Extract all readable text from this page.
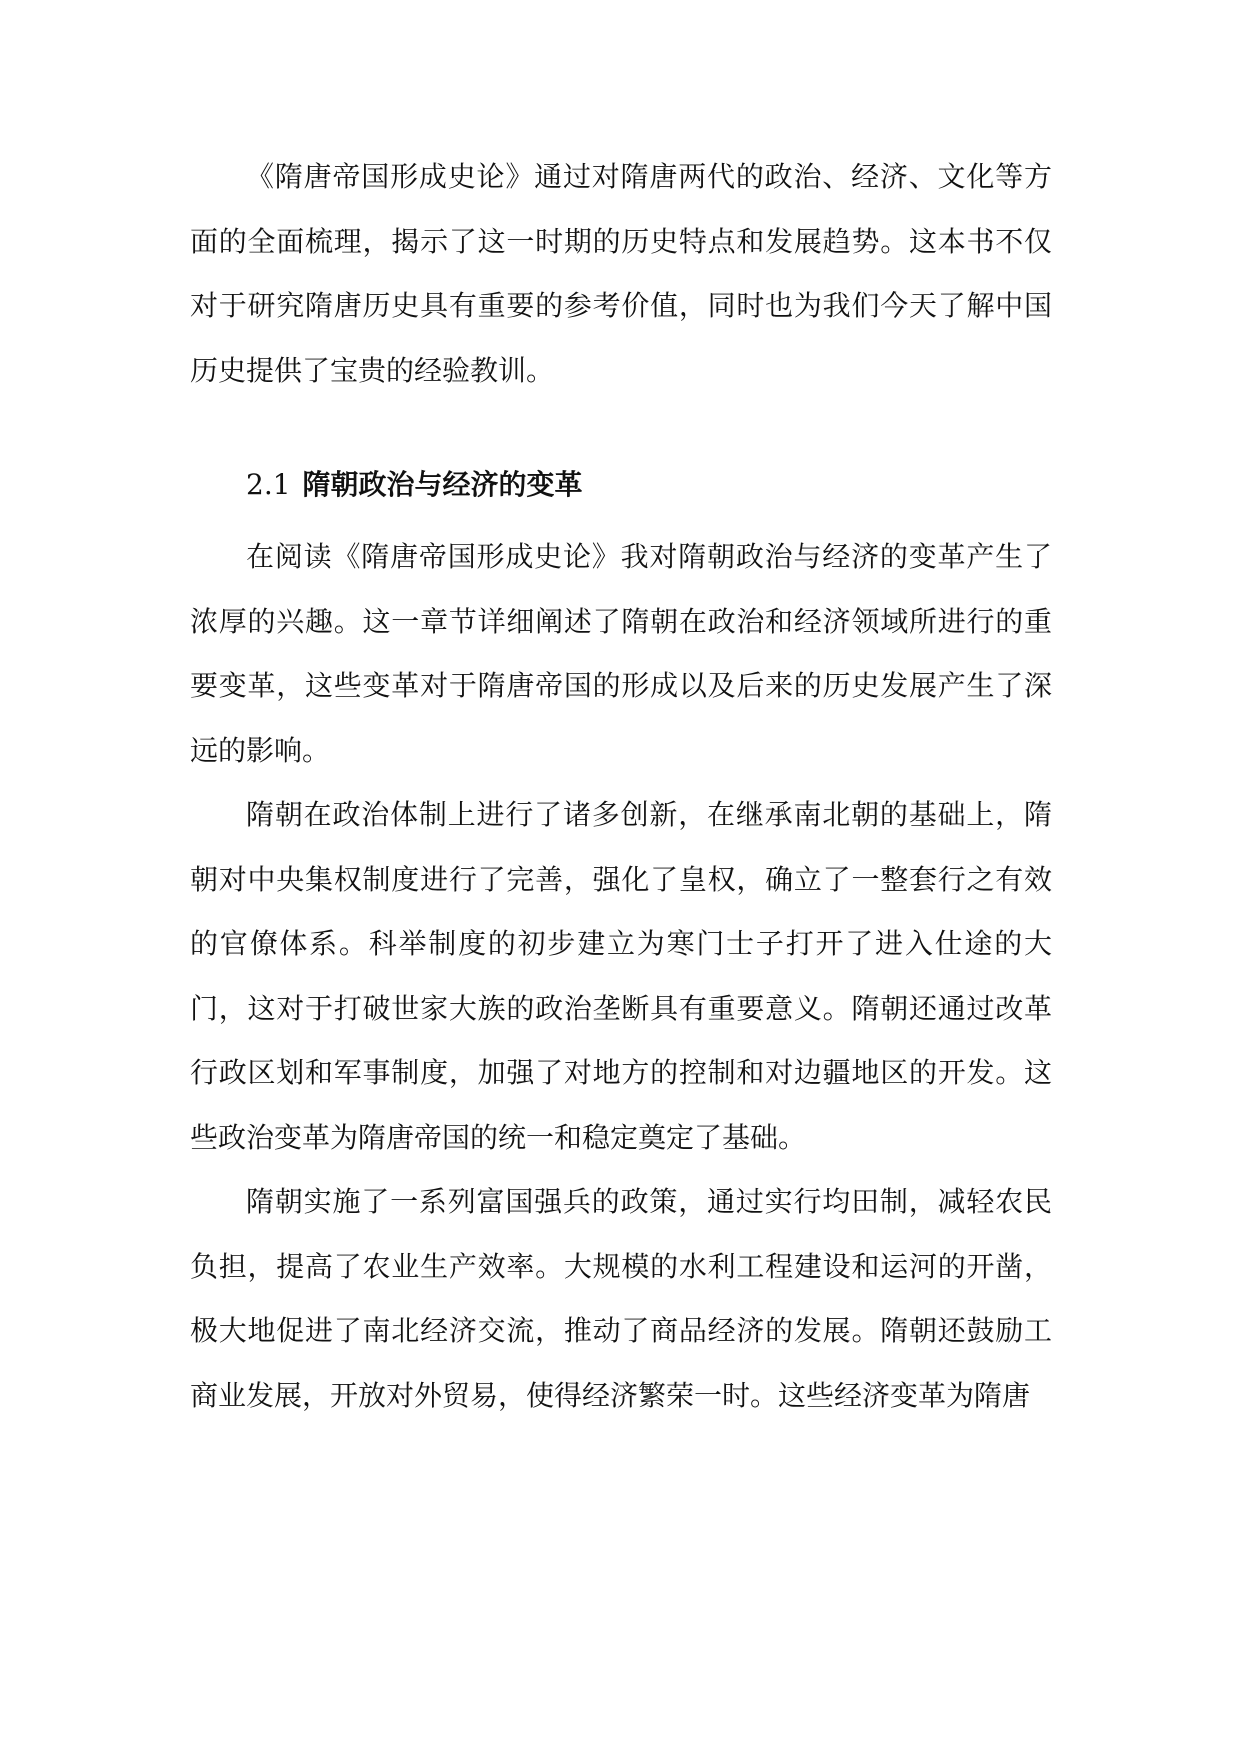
《隋唐帝国形成史论》通过对隋唐两代的政治、经济、文化等方面的全面梳理，揭示了这一时期的历史特点和发展趋势。这本书不仅对于研究隋唐历史具有重要的参考价值，同时也为我们今天了解中国历史提供了宝贵的经验教训。

2.1 隋朝政治与经济的变革

在阅读《隋唐帝国形成史论》我对隋朝政治与经济的变革产生了浓厚的兴趣。这一章节详细阐述了隋朝在政治和经济领域所进行的重要变革，这些变革对于隋唐帝国的形成以及后来的历史发展产生了深远的影响。

隋朝在政治体制上进行了诸多创新，在继承南北朝的基础上，隋朝对中央集权制度进行了完善，强化了皇权，确立了一整套行之有效的官僚体系。科举制度的初步建立为寒门士子打开了进入仕途的大门，这对于打破世家大族的政治垄断具有重要意义。隋朝还通过改革行政区划和军事制度，加强了对地方的控制和对边疆地区的开发。这些政治变革为隋唐帝国的统一和稳定奠定了基础。

隋朝实施了一系列富国强兵的政策，通过实行均田制，减轻农民负担，提高了农业生产效率。大规模的水利工程建设和运河的开凿，极大地促进了南北经济交流，推动了商品经济的发展。隋朝还鼓励工商业发展，开放对外贸易，使得经济繁荣一时。这些经济变革为隋唐
